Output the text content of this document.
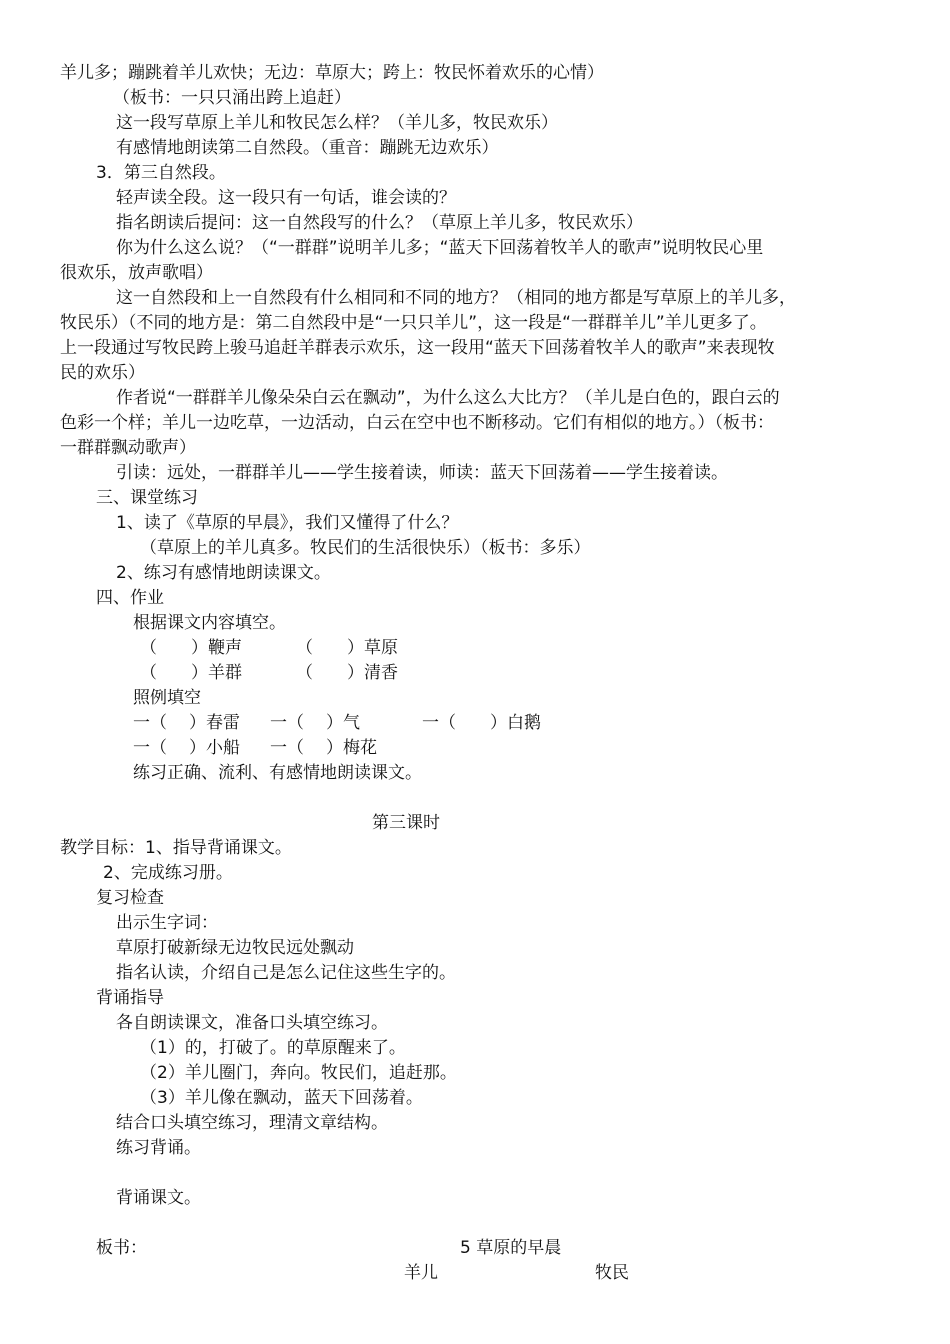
羊儿多；蹦跳着羊儿欢快；无边：草原大；跨上：牧民怀着欢乐的心情）
（板书：一只只涌出跨上追赶）
这一段写草原上羊儿和牧民怎么样？（羊儿多，牧民欢乐）
有感情地朗读第二自然段。（重音：蹦跳无边欢乐）
3．第三自然段。
轻声读全段。这一段只有一句话，谁会读的？
指名朗读后提问：这一自然段写的什么？（草原上羊儿多，牧民欢乐）
你为什么这么说？（“一群群”说明羊儿多；“蓝天下回荡着牧羊人的歌声”说明牧民心里
很欢乐，放声歌唱）
这一自然段和上一自然段有什么相同和不同的地方？（相同的地方都是写草原上的羊儿多，
牧民乐）（不同的地方是：第二自然段中是“一只只羊儿”，这一段是“一群群羊儿”羊儿更多了。
上一段通过写牧民跨上骏马追赶羊群表示欢乐，这一段用“蓝天下回荡着牧羊人的歌声”来表现牧
民的欢乐）
作者说“一群群羊儿像朵朵白云在飘动”，为什么这么大比方？（羊儿是白色的，跟白云的
色彩一个样；羊儿一边吃草，一边活动，白云在空中也不断移动。它们有相似的地方。）（板书：
一群群飘动歌声）
引读：远处，一群群羊儿——学生接着读，师读：蓝天下回荡着——学生接着读。
三、课堂练习
1、读了《草原的早晨》，我们又懂得了什么？
（草原上的羊儿真多。牧民们的生活很快乐）（板书：多乐）
2、练习有感情地朗读课文。
四、作业
根据课文内容填空。
（ ）鞭声	（ ）草原
（ ）羊群	（ ）清香
照例填空
一（ ）春雷 一（ ）气	一（ ）白鹅
一（ ）小船 一（ ）梅花
练习正确、流利、有感情地朗读课文。
第三课时
教学目标：1、指导背诵课文。
2、完成练习册。
复习检查
出示生字词：
草原打破新绿无边牧民远处飘动
指名认读，介绍自己是怎么记住这些生字的。
背诵指导
各自朗读课文，准备口头填空练习。
（1）的，打破了。的草原醒来了。
（2）羊儿圈门，奔向。牧民们，追赶那。
（3）羊儿像在飘动，蓝天下回荡着。
结合口头填空练习，理清文章结构。
练习背诵。
背诵课文。
板书：	5 草原的早晨
羊儿	牧民
